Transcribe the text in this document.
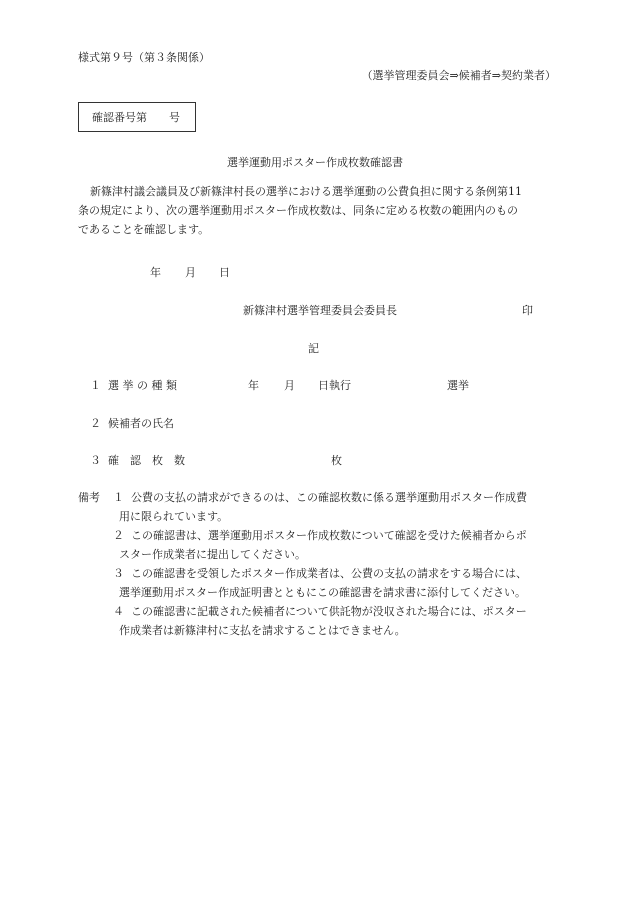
様式第９号（第３条関係）
（選挙管理委員会⇒候補者⇒契約業者）
確認番号第　　号
選挙運動用ポスター作成枚数確認書
新篠津村議会議員及び新篠津村長の選挙における選挙運動の公費負担に関する条例第11
条の規定により、次の選挙運動用ポスター作成枚数は、同条に定める枚数の範囲内のもの
であることを確認します。
年 月 日
新篠津村選挙管理委員会委員長	印
記
１ 選 挙 の 種 類	年 月 日執行	選挙
２ 候補者の氏名
３ 確　認　枚　数	枚
備考 １ 公費の支払の請求ができるのは、この確認枚数に係る選挙運動用ポスター作成費
用に限られています。
２ この確認書は、選挙運動用ポスター作成枚数について確認を受けた候補者からポ
スター作成業者に提出してください。
３ この確認書を受領したポスター作成業者は、公費の支払の請求をする場合には、
選挙運動用ポスター作成証明書とともにこの確認書を請求書に添付してください。
４ この確認書に記載された候補者について供託物が没収された場合には、ポスター
作成業者は新篠津村に支払を請求することはできません。
